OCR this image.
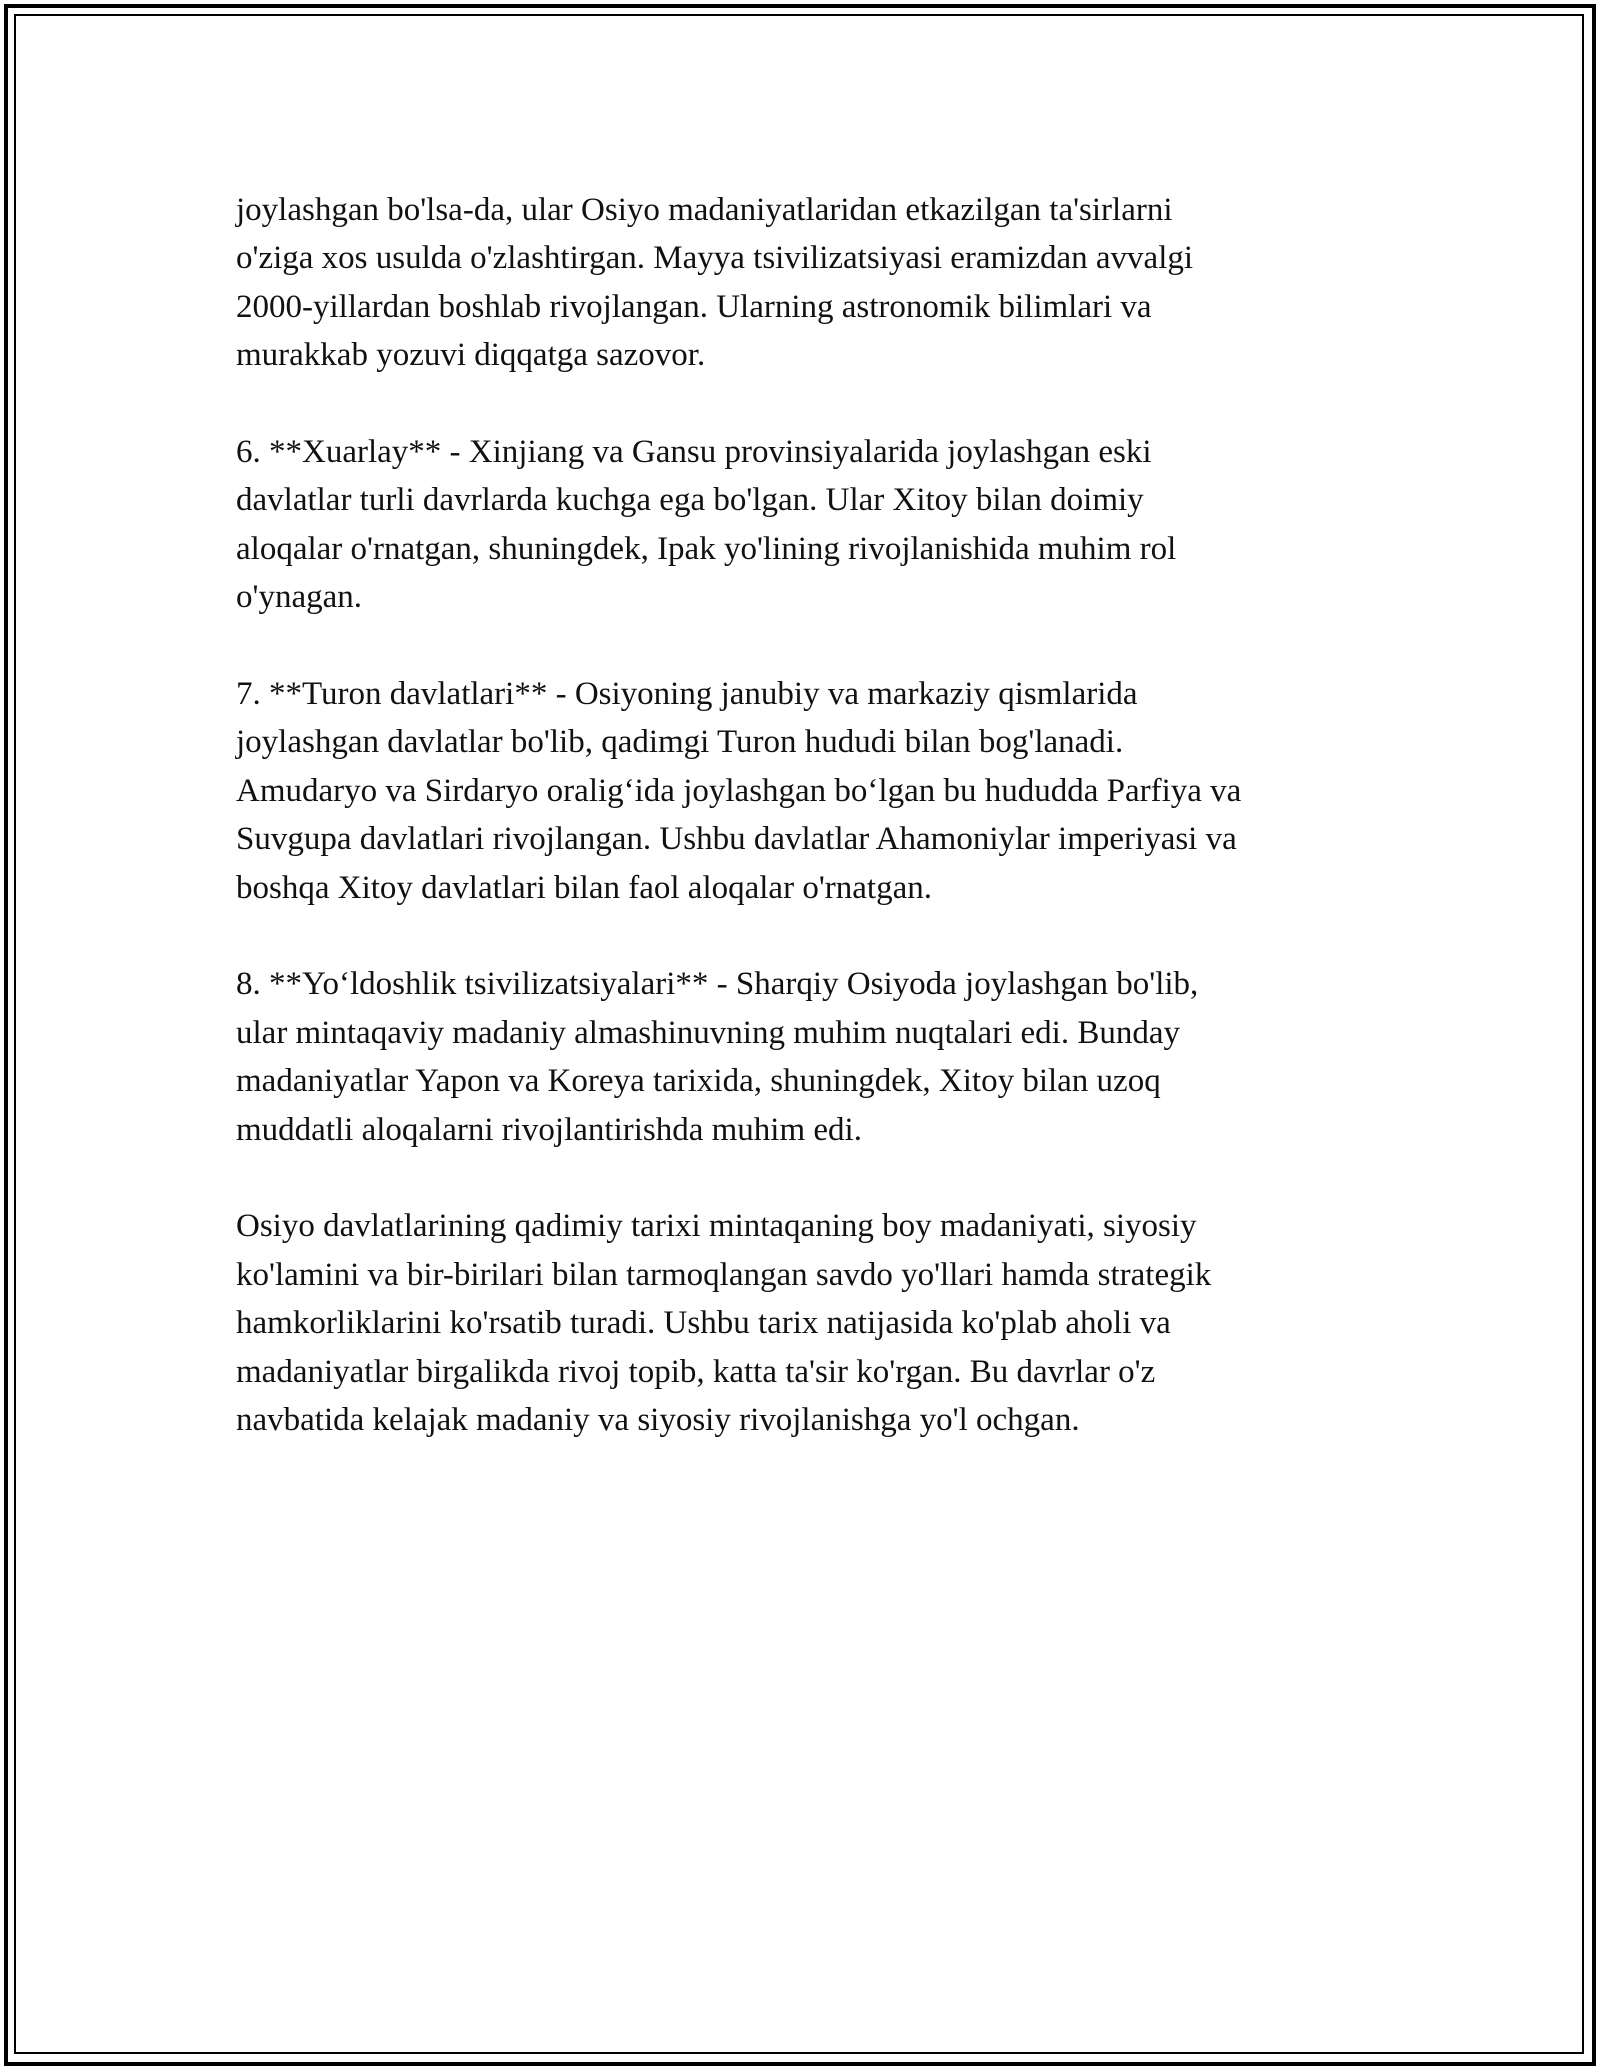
joylashgan bo'lsa-da, ular Osiyo madaniyatlaridan etkazilgan ta'sirlarni
o'ziga xos usulda o'zlashtirgan. Mayya tsivilizatsiyasi eramizdan avvalgi
2000-yillardan boshlab rivojlangan. Ularning astronomik bilimlari va
murakkab yozuvi diqqatga sazovor.

6. **Xuarlay** - Xinjiang va Gansu provinsiyalarida joylashgan eski
davlatlar turli davrlarda kuchga ega bo'lgan. Ular Xitoy bilan doimiy
aloqalar o'rnatgan, shuningdek, Ipak yo'lining rivojlanishida muhim rol
o'ynagan.

7. **Turon davlatlari** - Osiyoning janubiy va markaziy qismlarida
joylashgan davlatlar bo'lib, qadimgi Turon hududi bilan bog'lanadi.
Amudaryo va Sirdaryo oralig‘ida joylashgan bo‘lgan bu hududda Parfiya va
Suvgupa davlatlari rivojlangan. Ushbu davlatlar Ahamoniylar imperiyasi va
boshqa Xitoy davlatlari bilan faol aloqalar o'rnatgan.

8. **Yo‘ldoshlik tsivilizatsiyalari** - Sharqiy Osiyoda joylashgan bo'lib,
ular mintaqaviy madaniy almashinuvning muhim nuqtalari edi. Bunday
madaniyatlar Yapon va Koreya tarixida, shuningdek, Xitoy bilan uzoq
muddatli aloqalarni rivojlantirishda muhim edi.

Osiyo davlatlarining qadimiy tarixi mintaqaning boy madaniyati, siyosiy
ko'lamini va bir-birilari bilan tarmoqlangan savdo yo'llari hamda strategik
hamkorliklarini ko'rsatib turadi. Ushbu tarix natijasida ko'plab aholi va
madaniyatlar birgalikda rivoj topib, katta ta'sir ko'rgan. Bu davrlar o'z
navbatida kelajak madaniy va siyosiy rivojlanishga yo'l ochgan.
